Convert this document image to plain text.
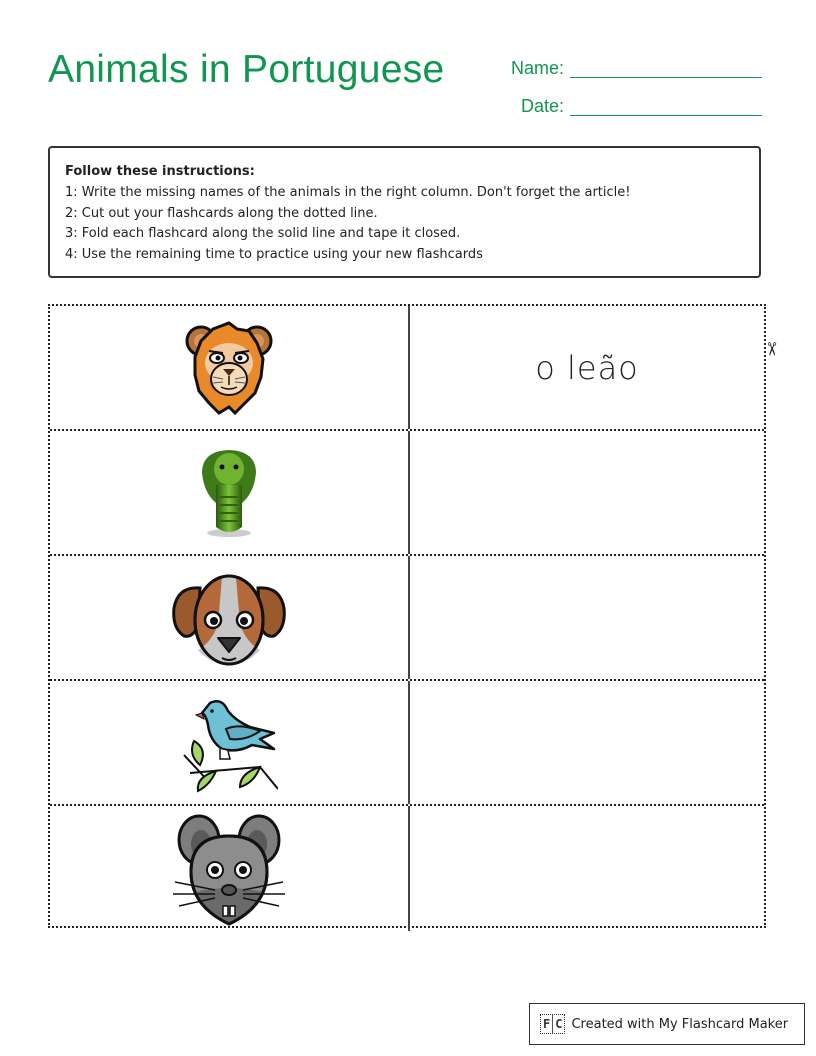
Animals in Portuguese	Name:
Date:

Follow these instructions:

1: Write the missing names of the animals in the right column. Don't forget the article!

2: Cut out your flashcards along the dotted line.

3: Fold each flashcard along the solid line and tape it closed.

4: Use the remaining time to practice using your new flashcards

o leão	✂
F C Created with My Flashcard Maker
